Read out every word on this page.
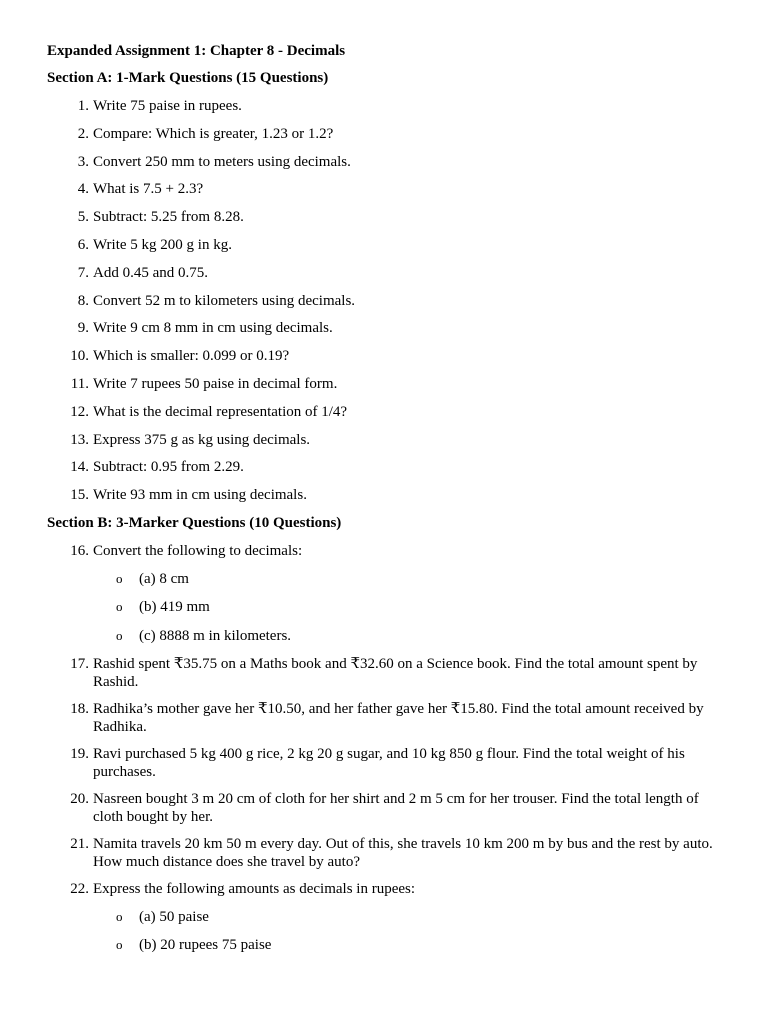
Expanded Assignment 1: Chapter 8 - Decimals

Section A: 1-Mark Questions (15 Questions)

1. Write 75 paise in rupees.
2. Compare: Which is greater, 1.23 or 1.2?
3. Convert 250 mm to meters using decimals.
4. What is 7.5 + 2.3?
5. Subtract: 5.25 from 8.28.
6. Write 5 kg 200 g in kg.
7. Add 0.45 and 0.75.
8. Convert 52 m to kilometers using decimals.
9. Write 9 cm 8 mm in cm using decimals.
10. Which is smaller: 0.099 or 0.19?
11. Write 7 rupees 50 paise in decimal form.
12. What is the decimal representation of 1/4?
13. Express 375 g as kg using decimals.
14. Subtract: 0.95 from 2.29.
15. Write 93 mm in cm using decimals.

Section B: 3-Marker Questions (10 Questions)

16. Convert the following to decimals:
o (a) 8 cm
o (b) 419 mm
o (c) 8888 m in kilometers.
17. Rashid spent ₹35.75 on a Maths book and ₹32.60 on a Science book. Find the total amount spent by Rashid.
18. Radhika’s mother gave her ₹10.50, and her father gave her ₹15.80. Find the total amount received by Radhika.
19. Ravi purchased 5 kg 400 g rice, 2 kg 20 g sugar, and 10 kg 850 g flour. Find the total weight of his purchases.
20. Nasreen bought 3 m 20 cm of cloth for her shirt and 2 m 5 cm for her trouser. Find the total length of cloth bought by her.
21. Namita travels 20 km 50 m every day. Out of this, she travels 10 km 200 m by bus and the rest by auto. How much distance does she travel by auto?
22. Express the following amounts as decimals in rupees:
o (a) 50 paise
o (b) 20 rupees 75 paise
